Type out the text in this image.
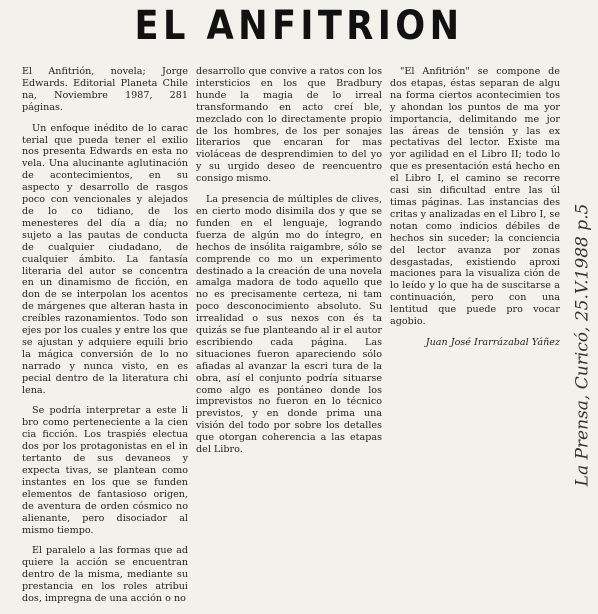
EL ANFITRION

El Anfitrión, novela; Jorge Edwards. Editorial Planeta Chile na, Noviembre 1987, 281 páginas.

Un enfoque inédito de lo carac terial que pueda tener el exilio nos presenta Edwards en esta no vela. Una alucinante aglutinación de acontecimientos, en su aspecto y desarrollo de rasgos poco con vencionales y alejados de lo co tidiano, de los menesteres del día a día; no sujeto a las pautas de conducta de cualquier ciudadano, de cualquier ámbito. La fantasía literaria del autor se concentra en un dinamismo de ficción, en don de se interpolan los acentos de márgenes que alteran hasta in creíbles razonamientos. Todo son ejes por los cuales y entre los que se ajustan y adquiere equili brio la mágica conversión de lo no narrado y nunca visto, en es pecial dentro de la literatura chi lena.

Se podría interpretar a este li bro como perteneciente a la cien cia ficción. Los traspiés electua dos por los protagonistas en el in tertanto de sus devaneos y expecta tivas, se plantean como instantes en los que se funden elementos de fantasioso origen, de aventura de orden cósmico no alienante, pero disociador al mismo tiempo.

El paralelo a las formas que ad quiere la acción se encuentran dentro de la misma, mediante su prestancia en los roles atribui dos, impregna de una acción o no

desarrollo que convive a ratos con los intersticios en los que Bradbury hunde la magia de lo irreal transformando en acto creí ble, mezclado con lo directamente propio de los hombres, de los per sonajes literarios que encaran for mas violáceas de desprendimien to del yo y su urgido deseo de reencuentro consigo mismo.

La presencia de múltiples de clives, en cierto modo disimila dos y que se funden en el lenguaje, logrando fuerza de algún mo do íntegro, en hechos de insólita raigambre, sólo se comprende co mo un experimento destinado a la creación de una novela amalga madora de todo aquello que no es precisamente certeza, ni tam poco desconocimiento absoluto. Su irrealidad o sus nexos con és ta quizás se fue planteando al ir el autor escribiendo cada página. Las situaciones fueron apareciendo sólo afiadas al avanzar la escri tura de la obra, así el conjunto podría situarse como algo es pontáneo donde los imprevistos no fueron en lo técnico previstos, y en donde prima una visión del todo por sobre los detalles que otorgan coherencia a las etapas del Libro.

"El Anfitrión" se compone de dos etapas, éstas separan de algu na forma ciertos acontecimien tos y ahondan los puntos de ma yor importancia, delimitando me jor las áreas de tensión y las ex pectativas del lector. Existe ma yor agilidad en el Libro II; todo lo que es presentación está hecho en el Libro I, el camino se recorre casi sin dificultad entre las úl timas páginas. Las instancias des critas y analizadas en el Libro I, se notan como indicios débiles de hechos sin suceder; la conciencia del lector avanza por zonas desgastadas, existiendo aproxi maciones para la visualiza ción de lo leído y lo que ha de suscitarse a continuación, pero con una lentitud que puede pro vocar agobio.

Juan José Irarrázabal Yáñez La Prensa, Curicó, 25.V.1988 p.5
